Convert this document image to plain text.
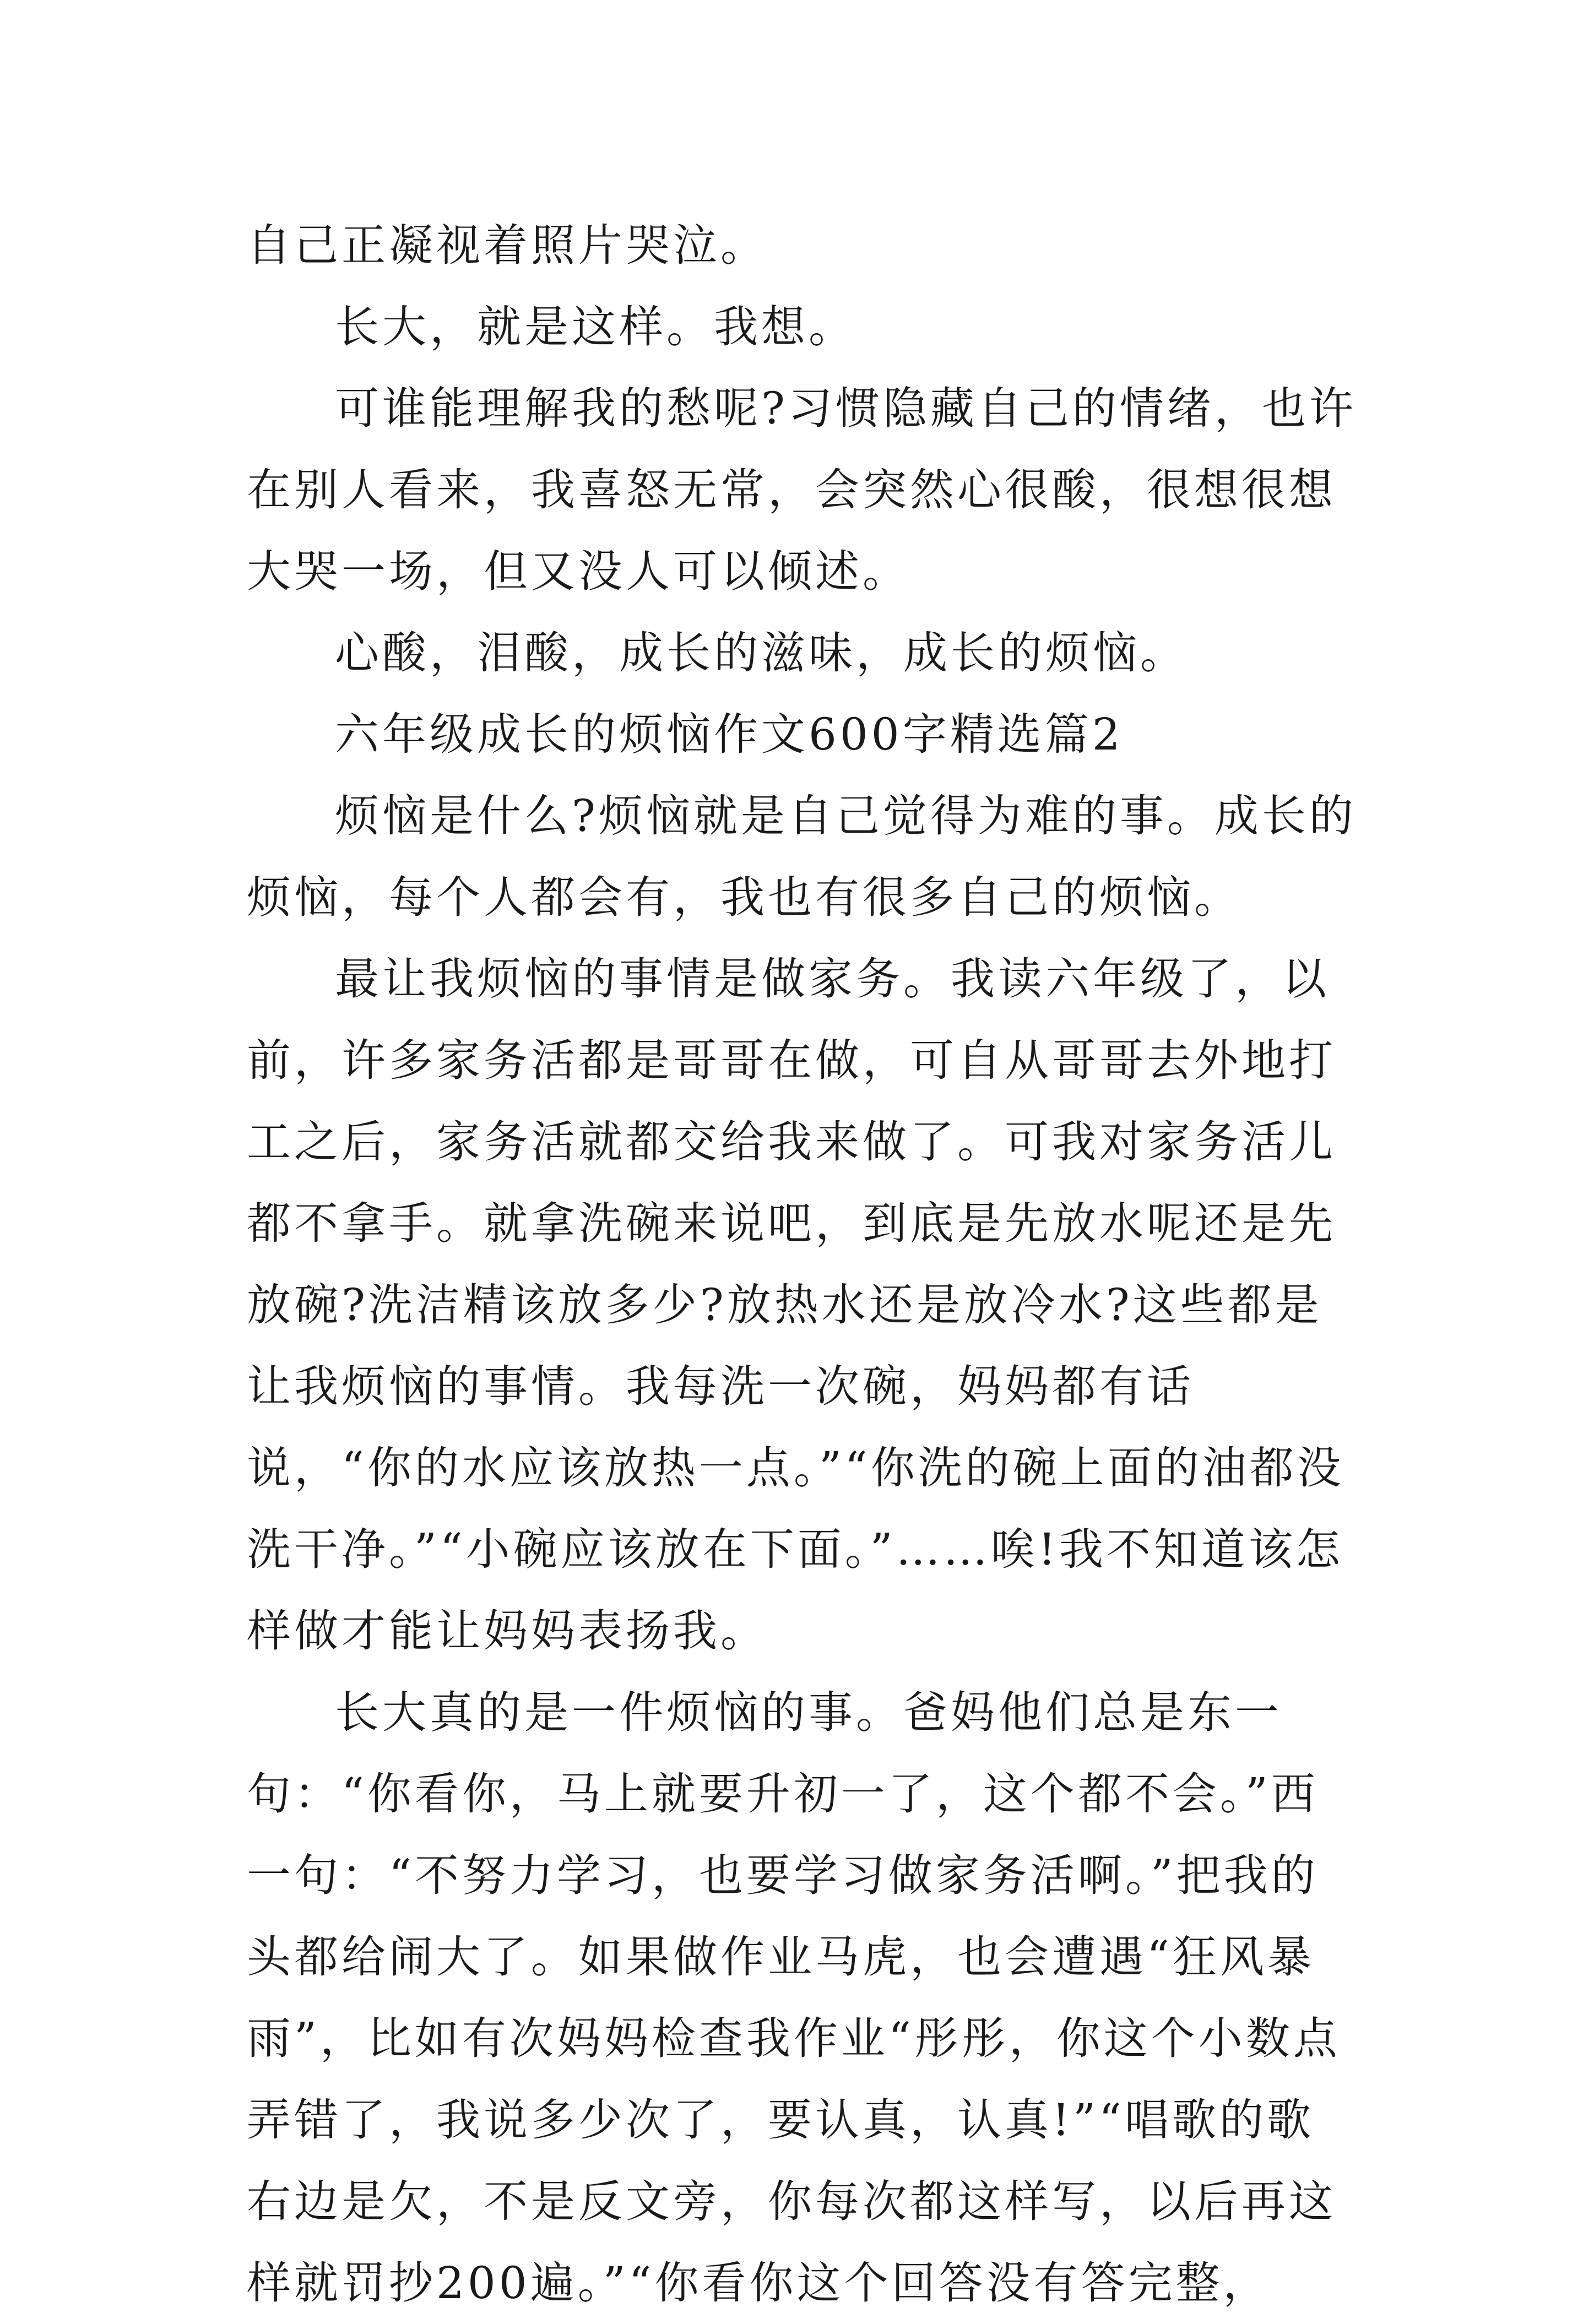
自己正凝视着照片哭泣。

长大，就是这样。我想。

可谁能理解我的愁呢?习惯隐藏自己的情绪，也许在别人看来，我喜怒无常，会突然心很酸，很想很想大哭一场，但又没人可以倾述。

心酸，泪酸，成长的滋味，成长的烦恼。

六年级成长的烦恼作文600字精选篇2

烦恼是什么?烦恼就是自己觉得为难的事。成长的烦恼，每个人都会有，我也有很多自己的烦恼。

最让我烦恼的事情是做家务。我读六年级了，以前，许多家务活都是哥哥在做，可自从哥哥去外地打工之后，家务活就都交给我来做了。可我对家务活儿都不拿手。就拿洗碗来说吧，到底是先放水呢还是先放碗?洗洁精该放多少?放热水还是放冷水?这些都是让我烦恼的事情。我每洗一次碗，妈妈都有话说，“你的水应该放热一点。”“你洗的碗上面的油都没洗干净。”“小碗应该放在下面。”……唉!我不知道该怎样做才能让妈妈表扬我。

长大真的是一件烦恼的事。爸妈他们总是东一句：“你看你，马上就要升初一了，这个都不会。”西一句：“不努力学习，也要学习做家务活啊。”把我的头都给闹大了。如果做作业马虎，也会遭遇“狂风暴雨”，比如有次妈妈检查我作业“彤彤，你这个小数点弄错了，我说多少次了，要认真，认真!”“唱歌的歌右边是欠，不是反文旁，你每次都这样写，以后再这样就罚抄200遍。”“你看你这个回答没有答完整，
